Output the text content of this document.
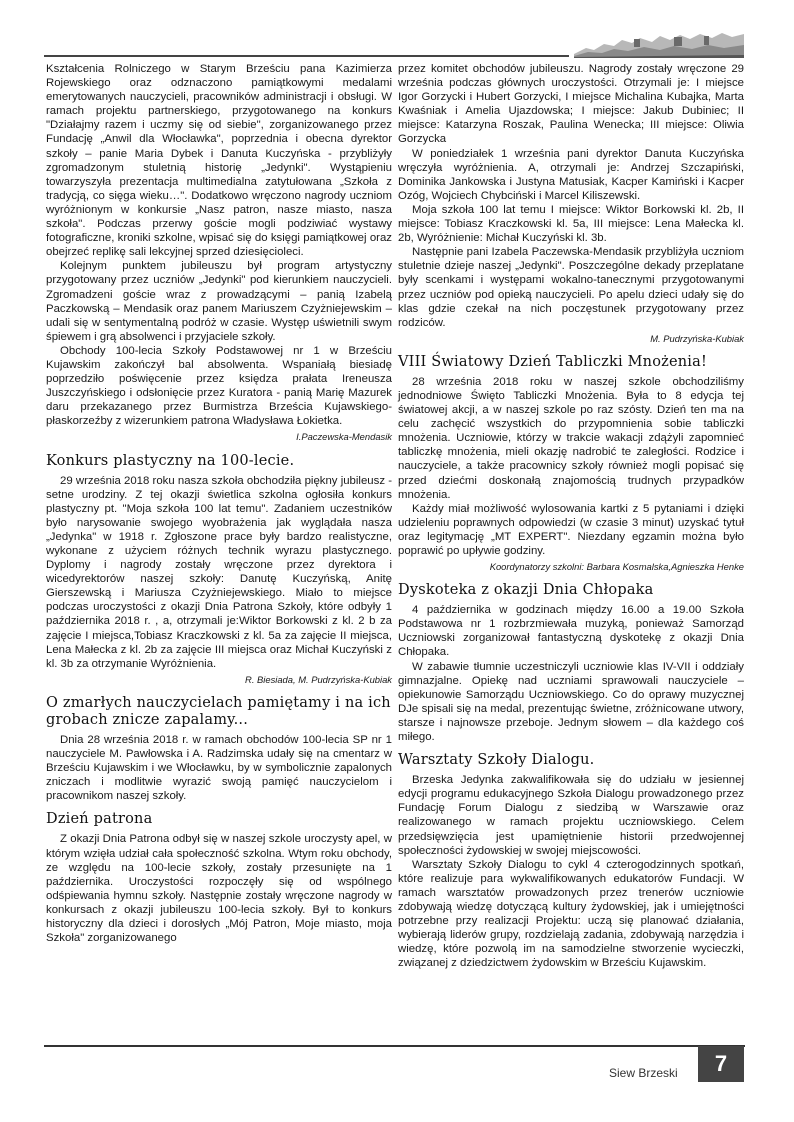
Kształcenia Rolniczego w Starym Brześciu pana Kazimierza Rojewskiego oraz odznaczono pamiątkowymi medalami emerytowanych nauczycieli, pracowników administracji i obsługi. W ramach projektu partnerskiego, przygotowanego na konkurs "Działajmy razem i uczmy się od siebie", zorganizowanego przez Fundację „Anwil dla Włocławka", poprzednia i obecna dyrektor szkoły – panie Maria Dybek i Danuta Kuczyńska - przybliżyły zgromadzonym stuletnią historię „Jedynki". Wystąpieniu towarzyszyła prezentacja multimedialna zatytułowana „Szkoła z tradycją, co sięga wieku…". Dodatkowo wręczono nagrody uczniom wyróżnionym w konkursie „Nasz patron, nasze miasto, nasza szkoła". Podczas przerwy goście mogli podziwiać wystawy fotograficzne, kroniki szkolne, wpisać się do księgi pamiątkowej oraz obejrzeć replikę sali lekcyjnej sprzed dziesięcioleci.

Kolejnym punktem jubileuszu był program artystyczny przygotowany przez uczniów „Jedynki" pod kierunkiem nauczycieli. Zgromadzeni goście wraz z prowadzącymi – panią Izabelą Paczkowską – Mendasik oraz panem Mariuszem Czyżniejewskim – udali się w sentymentalną podróż w czasie. Występ uświetnili swym śpiewem i grą absolwenci i przyjaciele szkoły.

Obchody 100-lecia Szkoły Podstawowej nr 1 w Brześciu Kujawskim zakończył bal absolwenta. Wspaniałą biesiadę poprzedziło poświęcenie przez księdza prałata Ireneusza Juszczyńskiego i odsłonięcie przez Kuratora - panią Marię Mazurek daru przekazanego przez Burmistrza Brześcia Kujawskiego- płaskorzeźby z wizerunkiem patrona Władysława Łokietka.

I.Paczewska-Mendasik
Konkurs plastyczny na 100-lecie.

29 września 2018 roku nasza szkoła obchodziła piękny jubileusz - setne urodziny. Z tej okazji świetlica szkolna ogłosiła konkurs plastyczny pt. "Moja szkoła 100 lat temu". Zadaniem uczestników było narysowanie swojego wyobrażenia jak wyglądała nasza „Jedynka" w 1918 r. Zgłoszone prace były bardzo realistyczne, wykonane z użyciem różnych technik wyrazu plastycznego. Dyplomy i nagrody zostały wręczone przez dyrektora i wicedyrektorów naszej szkoły: Danutę Kuczyńską, Anitę Gierszewską i Mariusza Czyżniejewskiego. Miało to miejsce podczas uroczystości z okazji Dnia Patrona Szkoły, które odbyły 1 października 2018 r. , a, otrzymali je:Wiktor Borkowski z kl. 2 b za zajęcie I miejsca,Tobiasz Kraczkowski z kl. 5a za zajęcie II miejsca, Lena Małecka z kl. 2b za zajęcie III miejsca oraz Michał Kuczyński z kl. 3b za otrzymanie Wyróżnienia.

R. Biesiada, M. Pudrzyńska-Kubiak
O zmarłych nauczycielach pamiętamy i na ich grobach znicze zapalamy...

Dnia 28 września 2018 r. w ramach obchodów 100-lecia SP nr 1 nauczyciele M. Pawłowska i A. Radzimska udały się na cmentarz w Brześciu Kujawskim i we Włocławku, by w symbolicznie zapalonych zniczach i modlitwie wyrazić swoją pamięć nauczycielom i pracownikom naszej szkoły.

Dzień patrona

Z okazji Dnia Patrona odbył się w naszej szkole uroczysty apel, w którym wzięła udział cała społeczność szkolna. Wtym roku obchody, ze względu na 100-lecie szkoły, zostały przesunięte na 1 października. Uroczystości rozpoczęły się od wspólnego odśpiewania hymnu szkoły. Następnie zostały wręczone nagrody w konkursach z okazji jubileuszu 100-lecia szkoły. Był to konkurs historyczny dla dzieci i dorosłych „Mój Patron, Moje miasto, moja Szkoła" zorganizowanego

przez komitet obchodów jubileuszu. Nagrody zostały wręczone 29 września podczas głównych uroczystości. Otrzymali je: I miejsce Igor Gorzycki i Hubert Gorzycki, I miejsce Michalina Kubajka, Marta Kwaśniak i Amelia Ujazdowska; I miejsce: Jakub Dubiniec; II miejsce: Katarzyna Roszak, Paulina Wenecka; III miejsce: Oliwia Gorzycka

W poniedziałek 1 września pani dyrektor Danuta Kuczyńska wręczyła wyróżnienia. A, otrzymali je: Andrzej Szczapiński, Dominika Jankowska i Justyna Matusiak, Kacper Kamiński i Kacper Ozóg, Wojciech Chybciński i Marcel Kiliszewski.

Moja szkoła 100 lat temu I miejsce: Wiktor Borkowski kl. 2b, II miejsce: Tobiasz Kraczkowski kl. 5a, III miejsce: Lena Małecka kl. 2b, Wyróżnienie: Michał Kuczyński kl. 3b.

Następnie pani Izabela Paczewska-Mendasik przybliżyła uczniom stuletnie dzieje naszej „Jedynki". Poszczególne dekady przeplatane były scenkami i występami wokalno-tanecznymi przygotowanymi przez uczniów pod opieką nauczycieli. Po apelu dzieci udały się do klas gdzie czekał na nich poczęstunek przygotowany przez rodziców.

M. Pudrzyńska-Kubiak
VIII Światowy Dzień Tabliczki Mnożenia!

28 września 2018 roku w naszej szkole obchodziliśmy jednodniowe Święto Tabliczki Mnożenia. Była to 8 edycja tej światowej akcji, a w naszej szkole po raz szósty. Dzień ten ma na celu zachęcić wszystkich do przypomnienia sobie tabliczki mnożenia. Uczniowie, którzy w trakcie wakacji zdążyli zapomnieć tabliczkę mnożenia, mieli okazję nadrobić te zaległości. Rodzice i nauczyciele, a także pracownicy szkoły również mogli popisać się przed dziećmi doskonałą znajomością trudnych przypadków mnożenia.

Każdy miał możliwość wylosowania kartki z 5 pytaniami i dzięki udzieleniu poprawnych odpowiedzi (w czasie 3 minut) uzyskać tytuł oraz legitymację „MT EXPERT". Niezdany egzamin można było poprawić po upływie godziny.

Koordynatorzy szkolni: Barbara Kosmalska,Agnieszka Henke
Dyskoteka z okazji Dnia Chłopaka

4 października w godzinach między 16.00 a 19.00 Szkoła Podstawowa nr 1 rozbrzmiewała muzyką, ponieważ Samorząd Uczniowski zorganizował fantastyczną dyskotekę z okazji Dnia Chłopaka.

W zabawie tłumnie uczestniczyli uczniowie klas IV-VII i oddziały gimnazjalne. Opiekę nad uczniami sprawowali nauczyciele – opiekunowie Samorządu Uczniowskiego. Co do oprawy muzycznej DJe spisali się na medal, prezentując świetne, zróżnicowane utwory, starsze i najnowsze przeboje. Jednym słowem – dla każdego coś miłego.

Warsztaty Szkoły Dialogu.

Brzeska Jedynka zakwalifikowała się do udziału w jesiennej edycji programu edukacyjnego Szkoła Dialogu prowadzonego przez Fundację Forum Dialogu z siedzibą w Warszawie oraz realizowanego w ramach projektu uczniowskiego. Celem przedsięwzięcia jest upamiętnienie historii przedwojennej społeczności żydowskiej w swojej miejscowości.

Warsztaty Szkoły Dialogu to cykl 4 czterogodzinnych spotkań, które realizuje para wykwalifikowanych edukatorów Fundacji. W ramach warsztatów prowadzonych przez trenerów uczniowie zdobywają wiedzę dotyczącą kultury żydowskiej, jak i umiejętności potrzebne przy realizacji Projektu: uczą się planować działania, wybierają liderów grupy, rozdzielają zadania, zdobywają narzędzia i wiedzę, które pozwolą im na samodzielne stworzenie wycieczki, związanej z dziedzictwem żydowskim w Brześciu Kujawskim.

Siew Brzeski	7
